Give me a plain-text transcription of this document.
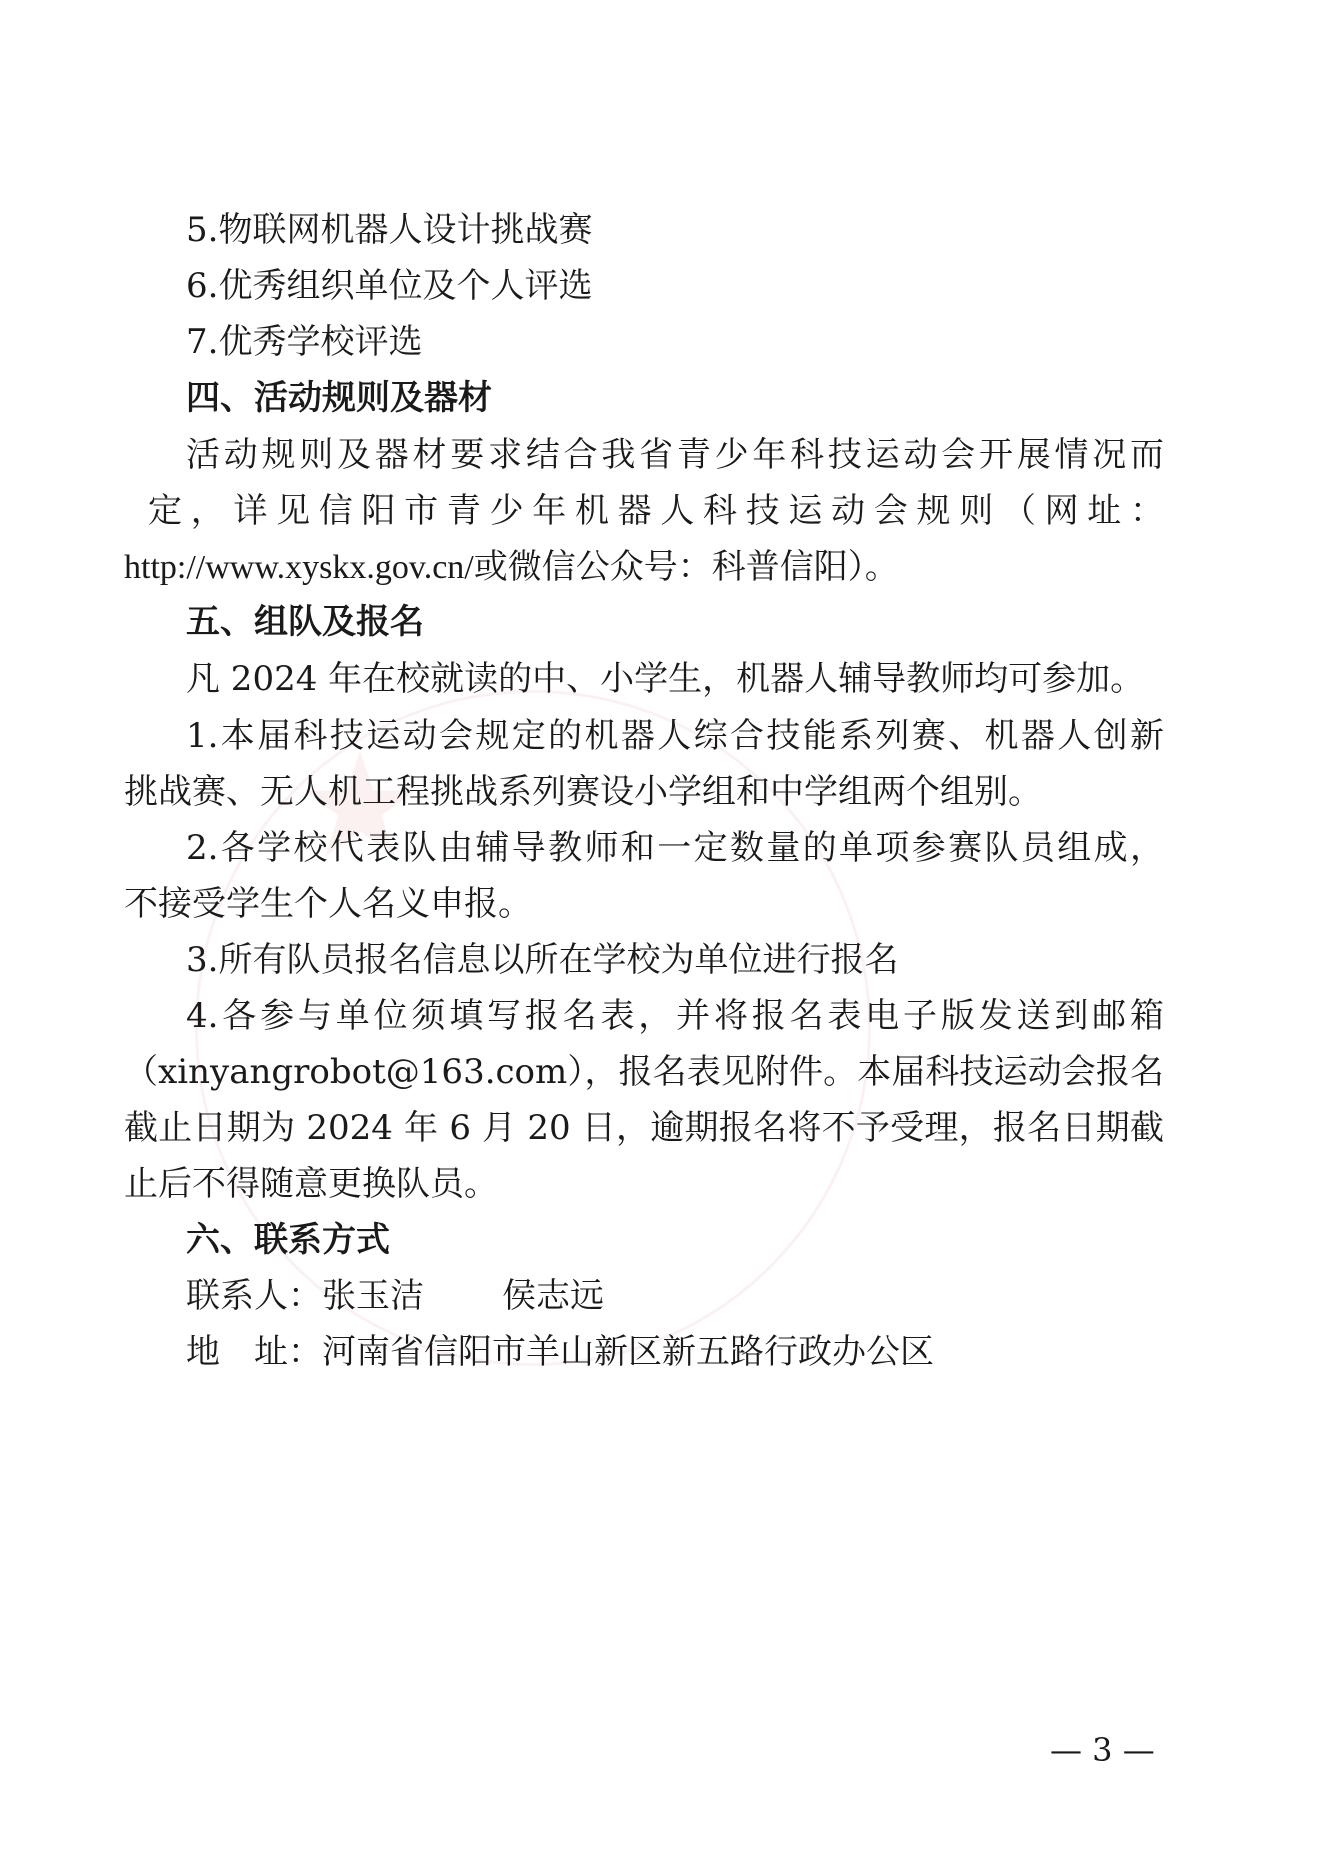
5.物联网机器人设计挑战赛
6.优秀组织单位及个人评选
7.优秀学校评选
四、活动规则及器材
活动规则及器材要求结合我省青少年科技运动会开展情况而
定，详见信阳市青少年机器人科技运动会规则（网址：
http://www.xyskx.gov.cn/或微信公众号：科普信阳）。
五、组队及报名
凡 2024 年在校就读的中、小学生，机器人辅导教师均可参加。
1.本届科技运动会规定的机器人综合技能系列赛、机器人创新
挑战赛、无人机工程挑战系列赛设小学组和中学组两个组别。
2.各学校代表队由辅导教师和一定数量的单项参赛队员组成，
不接受学生个人名义申报。
3.所有队员报名信息以所在学校为单位进行报名
4.各参与单位须填写报名表，并将报名表电子版发送到邮箱
（xinyangrobot@163.com），报名表见附件。本届科技运动会报名
截止日期为 2024 年 6 月 20 日，逾期报名将不予受理，报名日期截
止后不得随意更换队员。
六、联系方式
联系人：张玉洁 侯志远
地　址：河南省信阳市羊山新区新五路行政办公区
— 3 —
